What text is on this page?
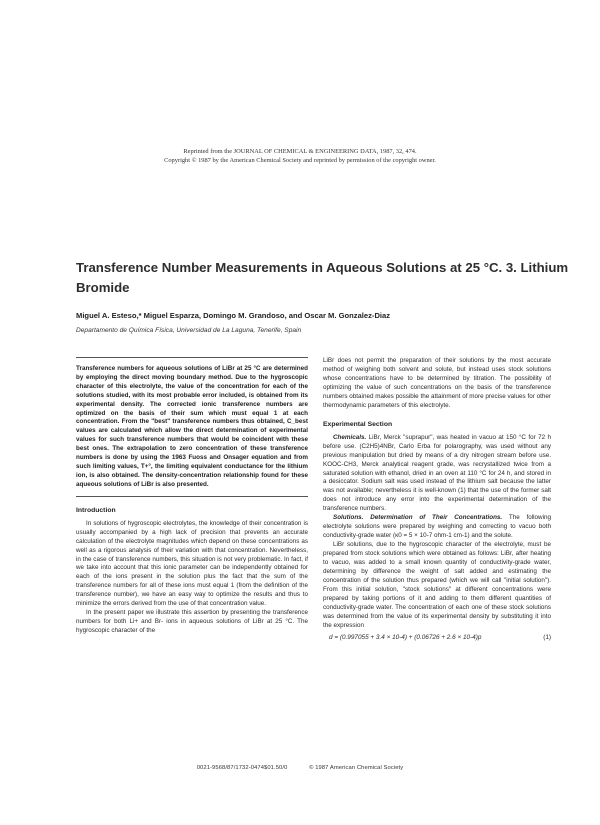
Reprinted from the JOURNAL OF CHEMICAL & ENGINEERING DATA, 1987, 32, 474.
Copyright © 1987 by the American Chemical Society and reprinted by permission of the copyright owner.
Transference Number Measurements in Aqueous Solutions at 25 °C. 3. Lithium Bromide
Miguel A. Esteso,* Miguel Esparza, Domingo M. Grandoso, and Oscar M. Gonzalez-Diaz
Departamento de Química Física, Universidad de La Laguna, Tenerife, Spain
Transference numbers for aqueous solutions of LiBr at 25 °C are determined by employing the direct moving boundary method. Due to the hygroscopic character of this electrolyte, the value of the concentration for each of the solutions studied, with its most probable error included, is obtained from its experimental density. The corrected ionic transference numbers are optimized on the basis of their sum which must equal 1 at each concentration. From the "best" transference numbers thus obtained, C_best values are calculated which allow the direct determination of experimental values for such transference numbers that would be coincident with these best ones. The extrapolation to zero concentration of these transference numbers is done by using the 1963 Fuoss and Onsager equation and from such limiting values, T+°, the limiting equivalent conductance for the lithium ion, is also obtained. The density-concentration relationship found for these aqueous solutions of LiBr is also presented.
Introduction

In solutions of hygroscopic electrolytes, the knowledge of their concentration is usually accompanied by a high lack of precision that prevents an accurate calculation of the electrolyte magnitudes which depend on these concentrations as well as a rigorous analysis of their variation with that concentration. Nevertheless, in the case of transference numbers, this situation is not very problematic. In fact, if we take into account that this ionic parameter can be independently obtained for each of the ions present in the solution plus the fact that the sum of the transference numbers for all of these ions must equal 1 (from the definition of the transference number), we have an easy way to optimize the results and thus to minimize the errors derived from the use of that concentration value.

In the present paper we illustrate this assertion by presenting the transference numbers for both Li+ and Br- ions in aqueous solutions of LiBr at 25 °C. The hygroscopic character of the

LiBr does not permit the preparation of their solutions by the most accurate method of weighing both solvent and solute, but instead uses stock solutions whose concentrations have to be determined by titration. The possibility of optimizing the value of such concentrations on the basis of the transference numbers obtained makes possible the attainment of more precise values for other thermodynamic parameters of this electrolyte.

Experimental Section

Chemicals. LiBr, Merck "suprapur", was heated in vacuo at 150 °C for 72 h before use. (C2H5)4NBr, Carlo Erba for polarography, was used without any previous manipulation but dried by means of a dry nitrogen stream before use. KOOC-CH3, Merck analytical reagent grade, was recrystallized twice from a saturated solution with ethanol, dried in an oven at 110 °C for 24 h, and stored in a desiccator. Sodium salt was used instead of the lithium salt because the latter was not available; nevertheless it is well-known (1) that the use of the former salt does not introduce any error into the experimental determination of the transference numbers.

Solutions. Determination of Their Concentrations. The following electrolyte solutions were prepared by weighing and correcting to vacuo both conductivity-grade water (κ0 = 5 × 10-7 ohm-1 cm-1) and the solute.

LiBr solutions, due to the hygroscopic character of the electrolyte, must be prepared from stock solutions which were obtained as follows: LiBr, after heating to vacuo, was added to a small known quantity of conductivity-grade water, determining by difference the weight of salt added and estimating the concentration of the solution thus prepared (which we will call "initial solution"). From this initial solution, "stock solutions" at different concentrations were prepared by taking portions of it and adding to them different quantities of conductivity-grade water. The concentration of each one of these stock solutions was determined from the value of its experimental density by substituting it into the expression

d = (0.997055 + 3.4 × 10-4) + (0.06726 + 2.6 × 10-4)p	(1)
0021-9568/87/1732-0474$01.50/0	© 1987 American Chemical Society
